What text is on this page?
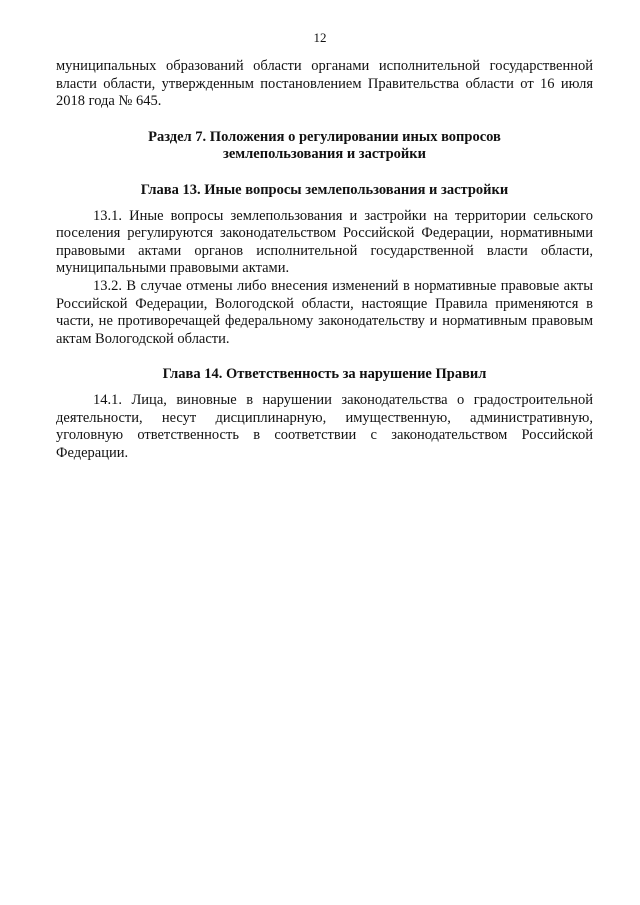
12

муниципальных образований области органами исполнительной государственной власти области, утвержденным постановлением Правительства области от 16 июля 2018 года № 645.

Раздел 7. Положения о регулировании иных вопросов
землепользования и застройки
Глава 13. Иные вопросы землепользования и застройки

13.1. Иные вопросы землепользования и застройки на территории сельского поселения регулируются законодательством Российской Федерации, нормативными правовыми актами органов исполнительной государственной власти области, муниципальными правовыми актами.

13.2. В случае отмены либо внесения изменений в нормативные правовые акты Российской Федерации, Вологодской области, настоящие Правила применяются в части, не противоречащей федеральному законодательству и нормативным правовым актам Вологодской области.

Глава 14. Ответственность за нарушение Правил

14.1. Лица, виновные в нарушении законодательства о градостроительной деятельности, несут дисциплинарную, имущественную, административную, уголовную ответственность в соответствии с законодательством Российской Федерации.
